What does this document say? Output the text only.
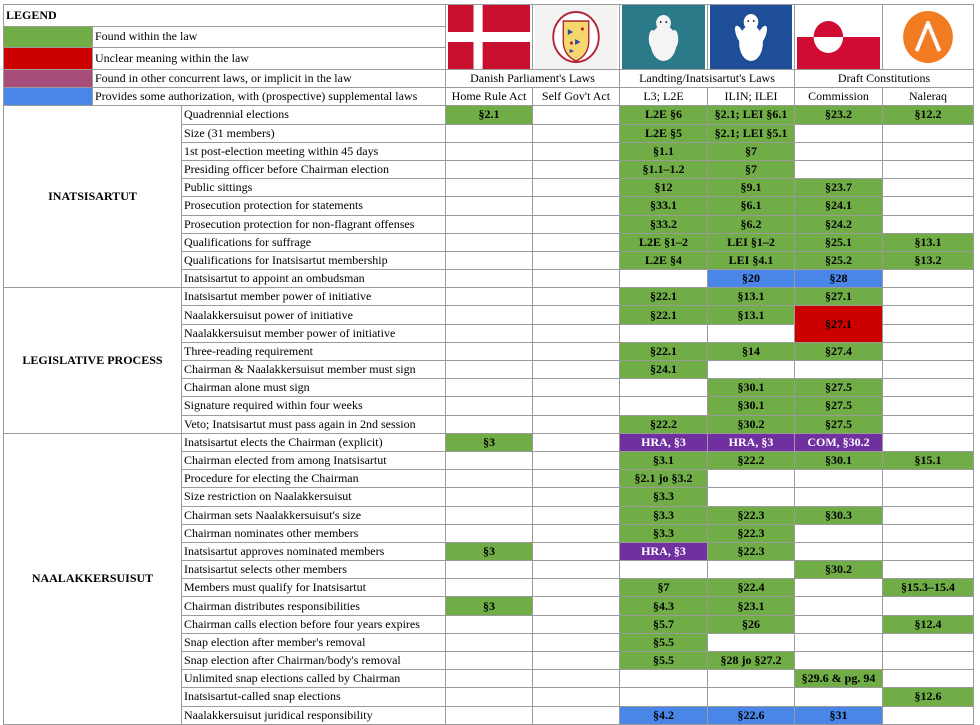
LEGEND	

	Found within the law							
	Unclear meaning within the law							
	Found in other concurrent laws, or implicit in the law		Danish Parliament's Laws		Landting/Inatsisartut's Laws		Draft Constitutions	
	Provides some authorization, with (prospective) supplemental laws		Home Rule Act	Self Gov't Act	L3; L2E	ILIN; ILEI	Commission	Naleraq
INATSISARTUT		Quadrennial elections	§2.1		L2E §6	§2.1; LEI §6.1	§23.2	§12.2
		Size (31 members)			L2E §5	§2.1; LEI §5.1		
		1st post-election meeting within 45 days			§1.1	§7		
		Presiding officer before Chairman election			§1.1–1.2	§7		
		Public sittings			§12	§9.1	§23.7	
		Prosecution protection for statements			§33.1	§6.1	§24.1	
		Prosecution protection for non-flagrant offenses			§33.2	§6.2	§24.2	
		Qualifications for suffrage			L2E §1–2	LEI §1–2	§25.1	§13.1
		Qualifications for Inatsisartut membership			L2E §4	LEI §4.1	§25.2	§13.2
		Inatsisartut to appoint an ombudsman				§20	§28	
LEGISLATIVE PROCESS		Inatsisartut member power of initiative			§22.1	§13.1	§27.1	
		Naalakkersuisut power of initiative			§22.1	§13.1	§27.1	
		Naalakkersuisut member power of initiative						
		Three-reading requirement			§22.1	§14	§27.4	
		Chairman & Naalakkersuisut member must sign			§24.1			
		Chairman alone must sign				§30.1	§27.5	
		Signature required within four weeks				§30.1	§27.5	
		Veto; Inatsisartut must pass again in 2nd session			§22.2	§30.2	§27.5	
NAALAKKERSUISUT		Inatsisartut elects the Chairman (explicit)	§3		HRA, §3	HRA, §3	COM, §30.2	
		Chairman elected from among Inatsisartut			§3.1	§22.2	§30.1	§15.1
		Procedure for electing the Chairman			§2.1 jo §3.2			
		Size restriction on Naalakkersuisut			§3.3			
		Chairman sets Naalakkersuisut's size			§3.3	§22.3	§30.3	
		Chairman nominates other members			§3.3	§22.3		
		Inatsisartut approves nominated members	§3		HRA, §3	§22.3		
		Inatsisartut selects other members					§30.2	
		Members must qualify for Inatsisartut			§7	§22.4		§15.3–15.4
		Chairman distributes responsibilities	§3		§4.3	§23.1		
		Chairman calls election before four years expires			§5.7	§26		§12.4
		Snap election after member's removal			§5.5			
		Snap election after Chairman/body's removal			§5.5	§28 jo §27.2		
		Unlimited snap elections called by Chairman					§29.6 & pg. 94	
		Inatsisartut-called snap elections						§12.6
		Naalakkersuisut juridical responsibility			§4.2	§22.6	§31	
